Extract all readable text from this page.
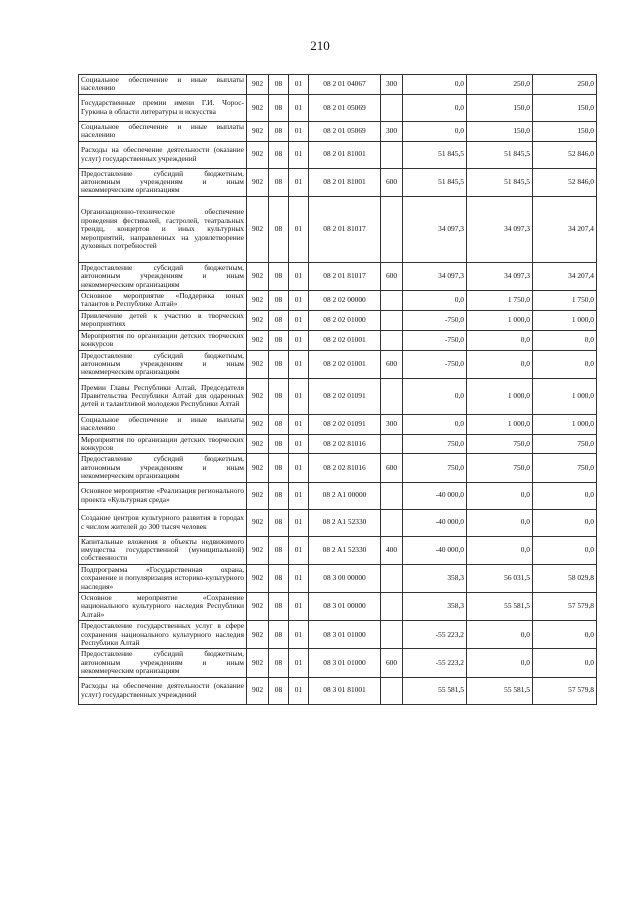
210
Социальное обеспечение и иные выплаты населению	902	08	01	08 2 01 04067	300	0,0	250,0	250,0
Государственные премии имени Г.И. Чорос-Гуркина в области литературы и искусства	902	08	01	08 2 01 05069		0,0	150,0	150,0
Социальное обеспечение и иные выплаты населению	902	08	01	08 2 01 05069	300	0,0	150,0	150,0
Расходы на обеспечение деятельности (оказание услуг) государственных учреждений	902	08	01	08 2 01 81001		51 845,5	51 845,5	52 846,0
Предоставление субсидий бюджетным, автономным учреждениям и иным некоммерческим организациям	902	08	01	08 2 01 81001	600	51 845,5	51 845,5	52 846,0
Организационно-техническое обеспечение проведения фестивалей, гастролей, театральных трендц, концертов и иных культурных мероприятий, направленных на удовлетворение духовных потребностей	902	08	01	08 2 01 81017		34 097,3	34 097,3	34 207,4
Предоставление субсидий бюджетным, автономным учреждениям и иным некоммерческим организациям	902	08	01	08 2 01 81017	600	34 097,3	34 097,3	34 207,4
Основное мероприятие «Поддержка юных талантов в Республике Алтай»	902	08	01	08 2 02 00000		0,0	1 750,0	1 750,0
Привлечение детей к участию в творческих мероприятиях	902	08	01	08 2 02 01000		-750,0	1 000,0	1 000,0
Мероприятия по организации детских творческих конкурсов	902	08	01	08 2 02 01001		-750,0	0,0	0,0
Предоставление субсидий бюджетным, автономным учреждениям и иным некоммерческим организациям	902	08	01	08 2 02 01001	600	-750,0	0,0	0,0
Премии Главы Республики Алтай, Председателя Правительства Республики Алтай для одаренных детей и талантливой молодежи Республики Алтай	902	08	01	08 2 02 01091		0,0	1 000,0	1 000,0
Социальное обеспечение и иные выплаты населению	902	08	01	08 2 02 01091	300	0,0	1 000,0	1 000,0
Мероприятия по организации детских творческих конкурсов	902	08	01	08 2 02 81016		750,0	750,0	750,0
Предоставление субсидий бюджетным, автономным учреждениям и иным некоммерческим организациям	902	08	01	08 2 02 81016	600	750,0	750,0	750,0
Основное мероприятие «Реализация регионального проекта «Культурная среда»	902	08	01	08 2 A1 00000		-40 000,0	0,0	0,0
Создание центров культурного развития в городах с числом жителей до 300 тысяч человек	902	08	01	08 2 A1 52330		-40 000,0	0,0	0,0
Капитальные вложения в объекты недвижимого имущества государственной (муниципальной) собственности	902	08	01	08 2 A1 52330	400	-40 000,0	0,0	0,0
Подпрограмма «Государственная охрана, сохранение и популяризация историко-культурного наследия»	902	08	01	08 3 00 00000		358,3	56 031,5	58 029,8
Основное мероприятие «Сохранение национального культурного наследия Республики Алтай»	902	08	01	08 3 01 00000		358,3	55 581,5	57 579,8
Предоставление государственных услуг в сфере сохранения национального культурного наследия Республики Алтай	902	08	01	08 3 01 01000		-55 223,2	0,0	0,0
Предоставление субсидий бюджетным, автономным учреждениям и иным некоммерческим организациям	902	08	01	08 3 01 01000	600	-55 223,2	0,0	0,0
Расходы на обеспечение деятельности (оказание услуг) государственных учреждений	902	08	01	08 3 01 81001		55 581,5	55 581,5	57 579,8
